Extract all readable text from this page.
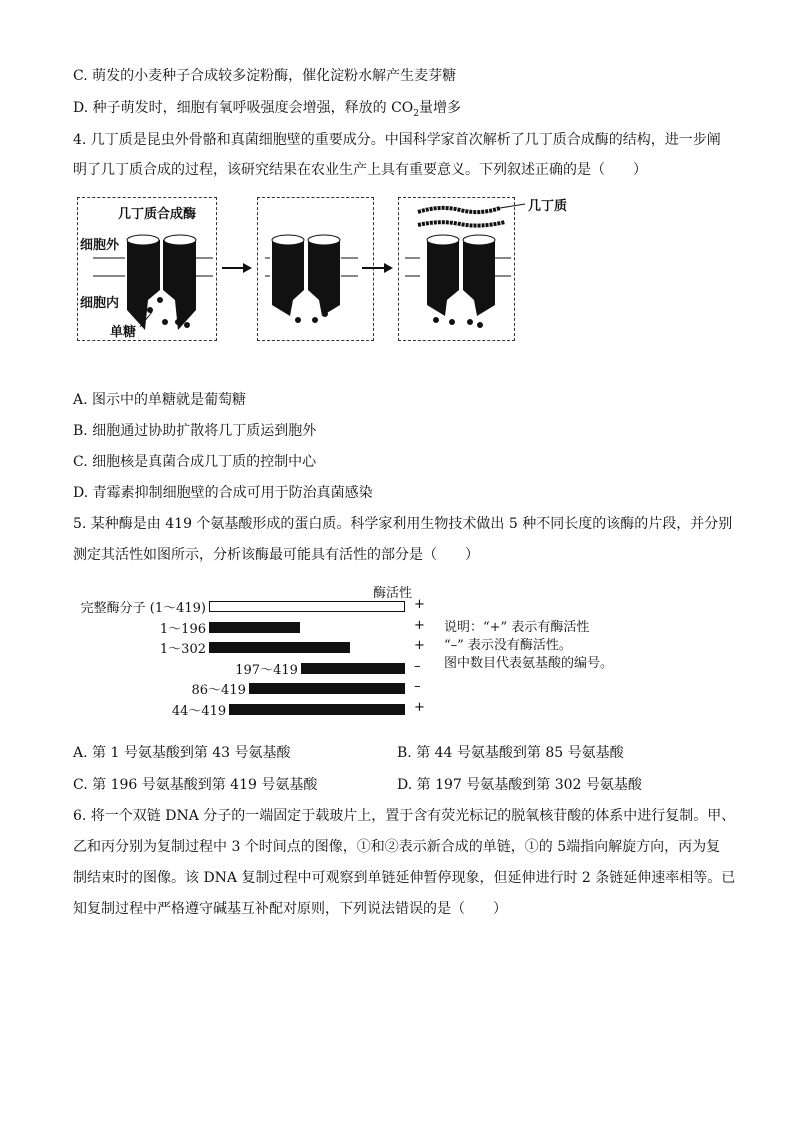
C. 萌发的小麦种子合成较多淀粉酶，催化淀粉水解产生麦芽糖
D. 种子萌发时，细胞有氧呼吸强度会增强，释放的 $CO_2$量增多
4. 几丁质是昆虫外骨骼和真菌细胞壁的重要成分。中国科学家首次解析了几丁质合成酶的结构，进一步阐
明了几丁质合成的过程，该研究结果在农业生产上具有重要意义。下列叙述正确的是（　　）
几丁质合成酶
细胞外
细胞内
单糖
几丁质
A. 图示中的单糖就是葡萄糖
B. 细胞通过协助扩散将几丁质运到胞外
C. 细胞核是真菌合成几丁质的控制中心
D. 青霉素抑制细胞壁的合成可用于防治真菌感染
5. 某种酶是由 419 个氨基酸形成的蛋白质。科学家利用生物技术做出 5 种不同长度的该酶的片段，并分别
测定其活性如图所示，分析该酶最可能具有活性的部分是（　　）
酶活性
完整酶分子 (1～419)	+
1～196	+
1～302	+
197～419	–
86～419	–
44～419	+
说明：“+” 表示有酶活性
“–” 表示没有酶活性。
图中数目代表氨基酸的编号。
A. 第 1 号氨基酸到第 43 号氨基酸	B. 第 44 号氨基酸到第 85 号氨基酸
C. 第 196 号氨基酸到第 419 号氨基酸	D. 第 197 号氨基酸到第 302 号氨基酸
6. 将一个双链 DNA 分子的一端固定于载玻片上，置于含有荧光标记的脱氧核苷酸的体系中进行复制。甲、
乙和丙分别为复制过程中 3 个时间点的图像，①和②表示新合成的单链，①的 5端指向解旋方向，丙为复
制结束时的图像。该 DNA 复制过程中可观察到单链延伸暂停现象，但延伸进行时 2 条链延伸速率相等。已
知复制过程中严格遵守碱基互补配对原则，下列说法错误的是（　　）
